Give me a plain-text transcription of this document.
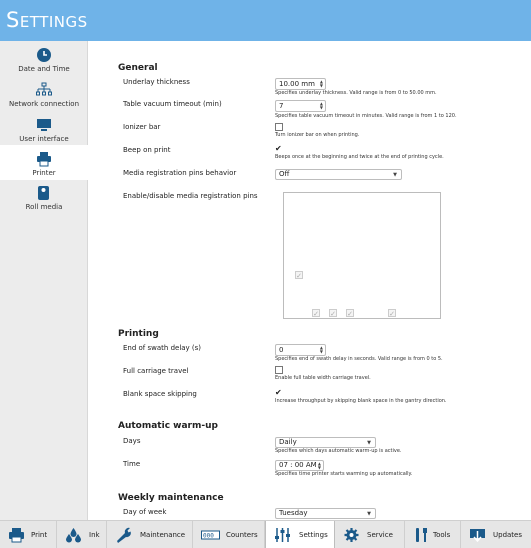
Settings
Date and Time
Network connection
User interface
Printer
Roll media
General
Underlay thickness	10.00 mm ▲
▼
Specifies underlay thickness. Valid range is from 0 to 50.00 mm.
Table vacuum timeout (min)	7	▲
▼
Specifies table vacuum timeout in minutes. Valid range is from 1 to 120.
Ionizer bar
Turn ionizer bar on when printing.
Beep on print	✔
Beeps once at the beginning and twice at the end of printing cycle.
Media registration pins behavior	Off	▼
Enable/disable media registration pins
✓
✓ ✓ ✓	✓
Printing
End of swath delay (s)	0	▲
▼
Specifies end of swath delay in seconds. Valid range is from 0 to 5.
Full carriage travel
Enable full table width carriage travel.
Blank space skipping	✔
Increase throughput by skipping blank space in the gantry direction.
Automatic warm-up
Days	Daily	▼
Specifies which days automatic warm-up is active.
Time	07 : 00 AM ▲
▼
Specifies time printer starts warming up automatically.
Weekly maintenance
Day of week	Tuesday	▼
Print	Ink	Maintenance	000 Counters	Settings	Service	Tools	Updates
